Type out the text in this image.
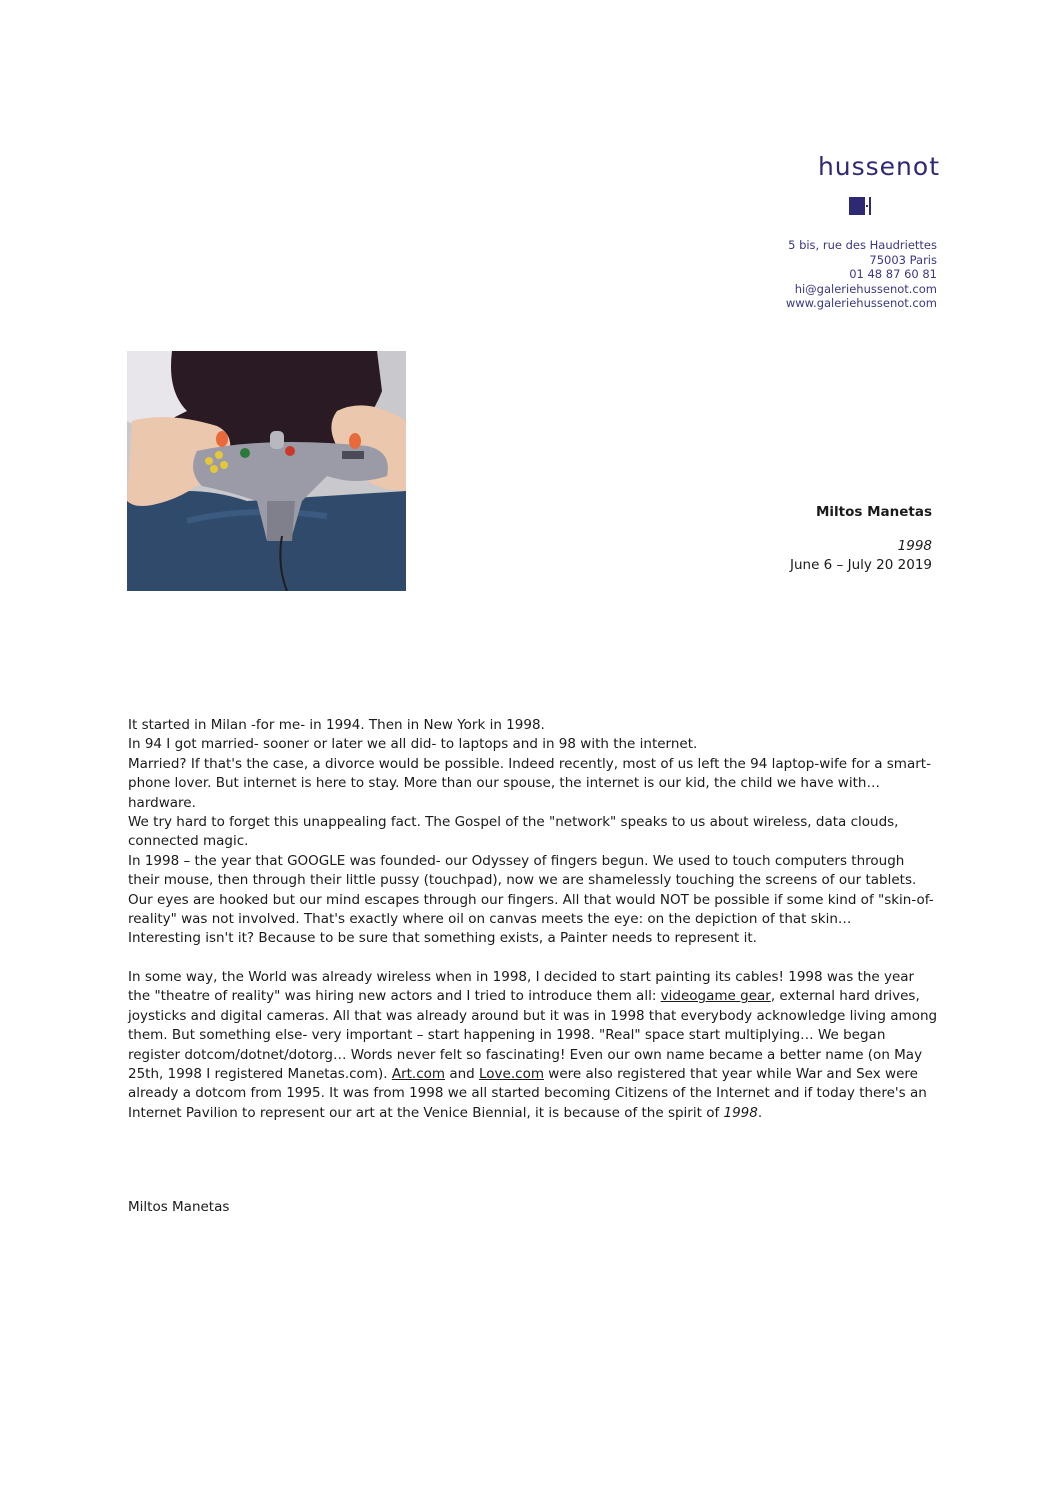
hussenot
5 bis, rue des Haudriettes
75003 Paris
01 48 87 60 81
hi@galeriehussenot.com
www.galeriehussenot.com
Miltos Manetas
1998
June 6 – July 20 2019

It started in Milan -for me- in 1994. Then in New York in 1998.

In 94 I got married- sooner or later we all did- to laptops and in 98 with the internet.

Married? If that's the case, a divorce would be possible. Indeed recently, most of us left the 94 laptop-wife for a smart-phone lover. But internet is here to stay. More than our spouse, the internet is our kid, the child we have with… hardware.

We try hard to forget this unappealing fact. The Gospel of the "network" speaks to us about wireless, data clouds, connected magic.

In 1998 – the year that GOOGLE was founded- our Odyssey of fingers begun. We used to touch computers through their mouse, then through their little pussy (touchpad), now we are shamelessly touching the screens of our tablets. Our eyes are hooked but our mind escapes through our fingers. All that would NOT be possible if some kind of "skin-of-reality" was not involved. That's exactly where oil on canvas meets the eye: on the depiction of that skin…

Interesting isn't it? Because to be sure that something exists, a Painter needs to represent it.

In some way, the World was already wireless when in 1998, I decided to start painting its cables! 1998 was the year the "theatre of reality" was hiring new actors and I tried to introduce them all: videogame gear, external hard drives, joysticks and digital cameras. All that was already around but it was in 1998 that everybody acknowledge living among them. But something else- very important – start happening in 1998. "Real" space start multiplying… We began register dotcom/dotnet/dotorg… Words never felt so fascinating! Even our own name became a better name (on May 25th, 1998 I registered Manetas.com). Art.com and Love.com were also registered that year while War and Sex were already a dotcom from 1995. It was from 1998 we all started becoming Citizens of the Internet and if today there's an Internet Pavilion to represent our art at the Venice Biennial, it is because of the spirit of 1998.

Miltos Manetas
